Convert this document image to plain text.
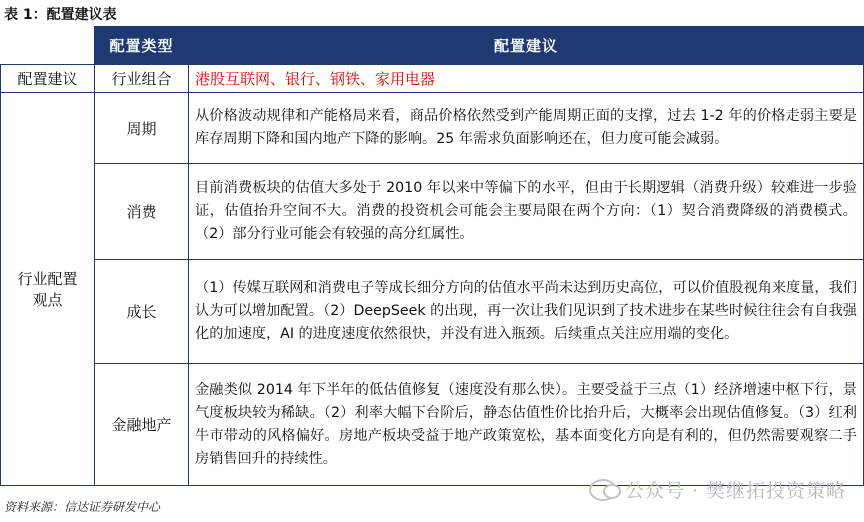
表 1：配置建议表
	配置类型	配置建议
配置建议	行业组合	港股互联网、银行、钢铁、家用电器

行业配置
观点	周期	从价格波动规律和产能格局来看，商品价格依然受到产能周期正面的支撑，过去 1-2 年的价格走弱主要是库存周期下降和国内地产下降的影响。25 年需求负面影响还在，但力度可能会减弱。
	消费	目前消费板块的估值大多处于 2010 年以来中等偏下的水平，但由于长期逻辑（消费升级）较难进一步验证，估值抬升空间不大。消费的投资机会可能会主要局限在两个方向：（1）契合消费降级的消费模式。（2）部分行业可能会有较强的高分红属性。
	成长	（1）传媒互联网和消费电子等成长细分方向的估值水平尚未达到历史高位，可以价值股视角来度量，我们认为可以增加配置。（2）DeepSeek 的出现，再一次让我们见识到了技术进步在某些时候往往会有自我强化的加速度，AI 的进度速度依然很快，并没有进入瓶颈。后续重点关注应用端的变化。
	金融地产	金融类似 2014 年下半年的低估值修复（速度没有那么快）。主要受益于三点（1）经济增速中枢下行，景气度板块较为稀缺。（2）利率大幅下台阶后，静态估值性价比抬升后，大概率会出现估值修复。（3）红利牛市带动的风格偏好。房地产板块受益于地产政策宽松，基本面变化方向是有利的，但仍然需要观察二手房销售回升的持续性。
资料来源：信达证券研发中心
公众号 · 樊继拓投资策略
